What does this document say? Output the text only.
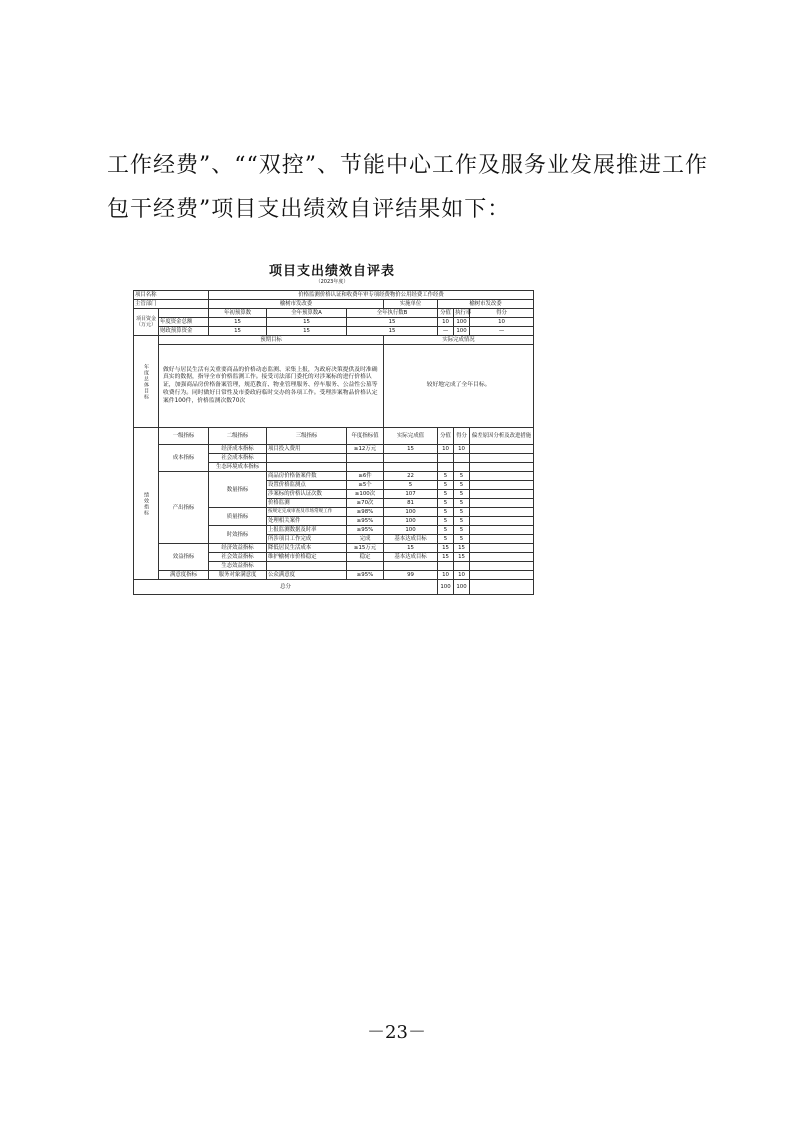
工作经费”、““双控”、节能中心工作及服务业发展推进工作
包干经费”项目支出绩效自评结果如下：
项目支出绩效自评表
（2023年度）
项目名称		价格监测价格认证和收费年审专项经费物价公用经费工作经费						
主管部门		榆树市发改委			实施单位	榆树市发改委		
项目资金（万元）		年初预算数	全年预算数A	全年执行数B		分值	执行率	得分
	年度资金总额	15	15	15		10	100	10
	财政预算资金	15	15	15		—	100	—
年度总体目标	预期目标				实际完成情况			
	做好与居民生活有关重要商品的价格动态监测、采集上报，为政府决策提供及时准确真实的数据，指导全市价格监测工作。接受司法部门委托的对涉案标的进行价格认证，加强商品房价格备案管理，规范教育、物业管理服务、停车服务、公益性公墓等收费行为。同时做好日常性及市委政府临时交办的各项工作。受理涉案物品价格认定案件100件，价格监测次数70次				较好地完成了全年目标。			
绩效指标	一级指标	二级指标	三级指标	年度指标值	实际完成值	分值	得分	偏差原因分析及改进措施
	成本指标	经济成本指标	项目投入费用	≥12万元	15	10	10	
		社会成本指标						
		生态环境成本指标						
	产出指标	数量指标	商品房价格备案件数	≥6件	22	5	5	
			设置价格监测点	≥5个	5	5	5	
			涉案标的价格认证次数	≥100次	107	5	5	
			价格监测	≥70次	81	5	5	
		质量指标	按规定完成审查及市场常规工作	≥98%	100	5	5	
			处理相关案件	≥95%	100	5	5	
		时效指标	上报监测数据及时率	≥95%	100	5	5	
			所涉项目工作完成	完成	基本达成目标	5	5	
	效益指标	经济效益指标	降低居民生活成本	≥15万元	15	15	15	
		社会效益指标	维护榆树市价格稳定	稳定	基本达成目标	15	15	
		生态效益指标						
	满意度指标	服务对象满意度	公众满意度	≥95%	99	10	10	
总分						100	100	
－23－
